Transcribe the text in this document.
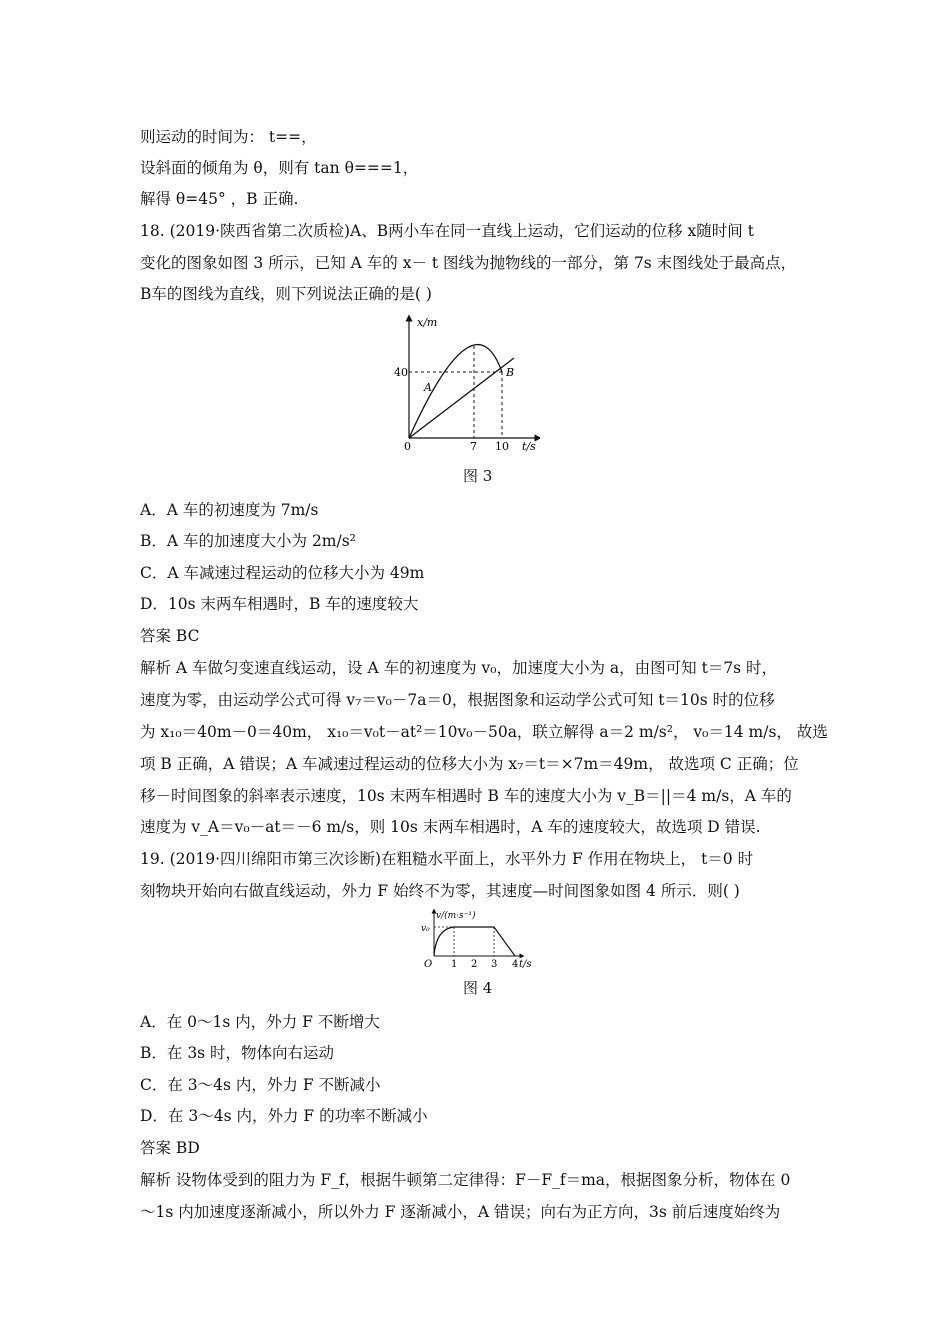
则运动的时间为： t==，
设斜面的倾角为 θ，则有 tan θ===1，
解得 θ=45° ，B 正确.
18. (2019·陕西省第二次质检)A、B两小车在同一直线上运动，它们运动的位移 x随时间 t
变化的图象如图 3 所示，已知 A 车的 x－ t 图线为抛物线的一部分，第 7s 末图线处于最高点，
B车的图线为直线，则下列说法正确的是( )
x/m
40
A
B
0	7 10 t/s
图 3
A．A 车的初速度为 7m/s
B．A 车的加速度大小为 2m/s²
C．A 车减速过程运动的位移大小为 49m
D．10s 末两车相遇时，B 车的速度较大
答案 BC
解析 A 车做匀变速直线运动，设 A 车的初速度为 v₀，加速度大小为 a，由图可知 t＝7s 时，
速度为零，由运动学公式可得 v₇＝v₀－7a＝0，根据图象和运动学公式可知 t＝10s 时的位移
为 x₁₀＝40m－0＝40m， x₁₀＝v₀t－at²＝10v₀－50a，联立解得 a＝2 m/s²， v₀＝14 m/s， 故选
项 B 正确，A 错误；A 车减速过程运动的位移大小为 x₇＝t＝×7m＝49m， 故选项 C 正确；位
移－时间图象的斜率表示速度，10s 末两车相遇时 B 车的速度大小为 v_B＝||＝4 m/s，A 车的
速度为 v_A＝v₀－at＝－6 m/s，则 10s 末两车相遇时，A 车的速度较大，故选项 D 错误.
19. (2019·四川绵阳市第三次诊断)在粗糙水平面上，水平外力 F 作用在物块上， t＝0 时
刻物块开始向右做直线运动，外力 F 始终不为零，其速度—时间图象如图 4 所示．则( )
v/(m·s⁻¹)
v₀
O 1 2 3 4 t/s
图 4
A．在 0～1s 内，外力 F 不断增大
B．在 3s 时，物体向右运动
C．在 3～4s 内，外力 F 不断减小
D．在 3～4s 内，外力 F 的功率不断减小
答案 BD
解析 设物体受到的阻力为 F_f，根据牛顿第二定律得：F－F_f＝ma，根据图象分析，物体在 0
～1s 内加速度逐渐减小，所以外力 F 逐渐减小，A 错误；向右为正方向，3s 前后速度始终为
